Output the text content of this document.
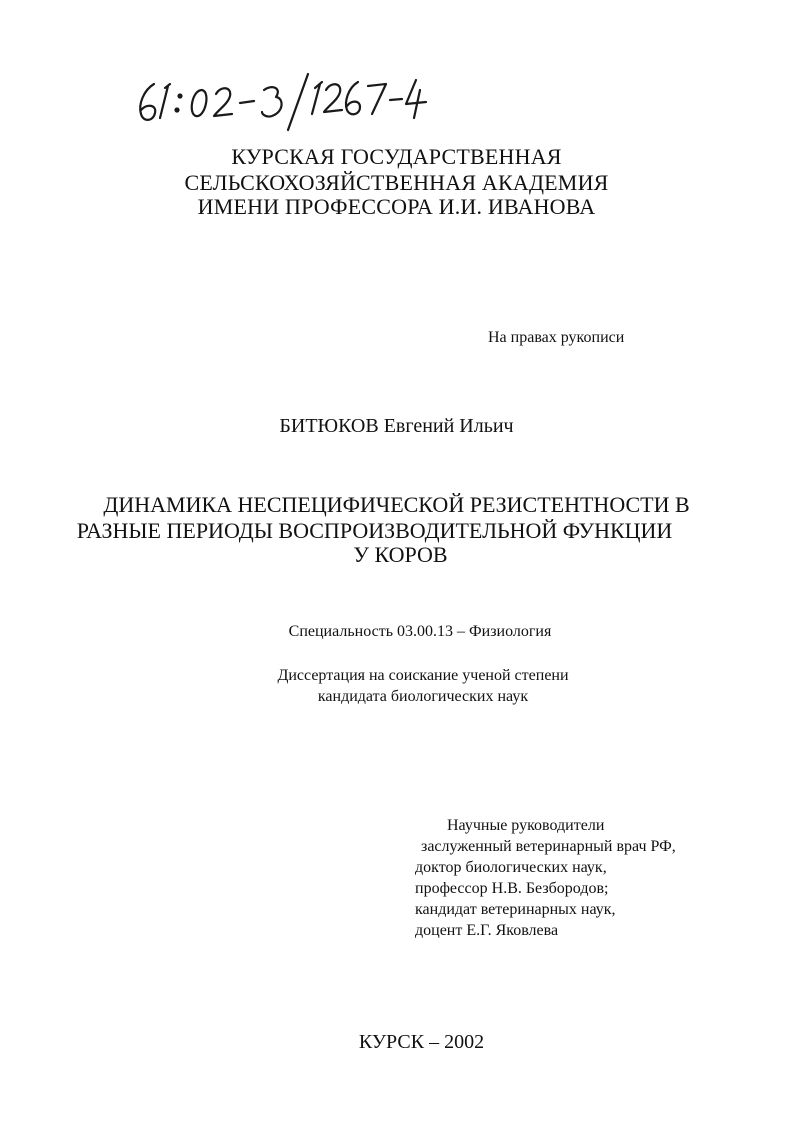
КУРСКАЯ ГОСУДАРСТВЕННАЯ
СЕЛЬСКОХОЗЯЙСТВЕННАЯ АКАДЕМИЯ
ИМЕНИ ПРОФЕССОРА И.И. ИВАНОВА
На правах рукописи
БИТЮКОВ Евгений Ильич
ДИНАМИКА НЕСПЕЦИФИЧЕСКОЙ РЕЗИСТЕНТНОСТИ В
РАЗНЫЕ ПЕРИОДЫ ВОСПРОИЗВОДИТЕЛЬНОЙ ФУНКЦИИ
У КОРОВ
Специальность 03.00.13 – Физиология
Диссертация на соискание ученой степени
кандидата биологических наук
Научные руководители
заслуженный ветеринарный врач РФ,
доктор биологических наук,
профессор Н.В. Безбородов;
кандидат ветеринарных наук,
доцент Е.Г. Яковлева
КУРСК – 2002
